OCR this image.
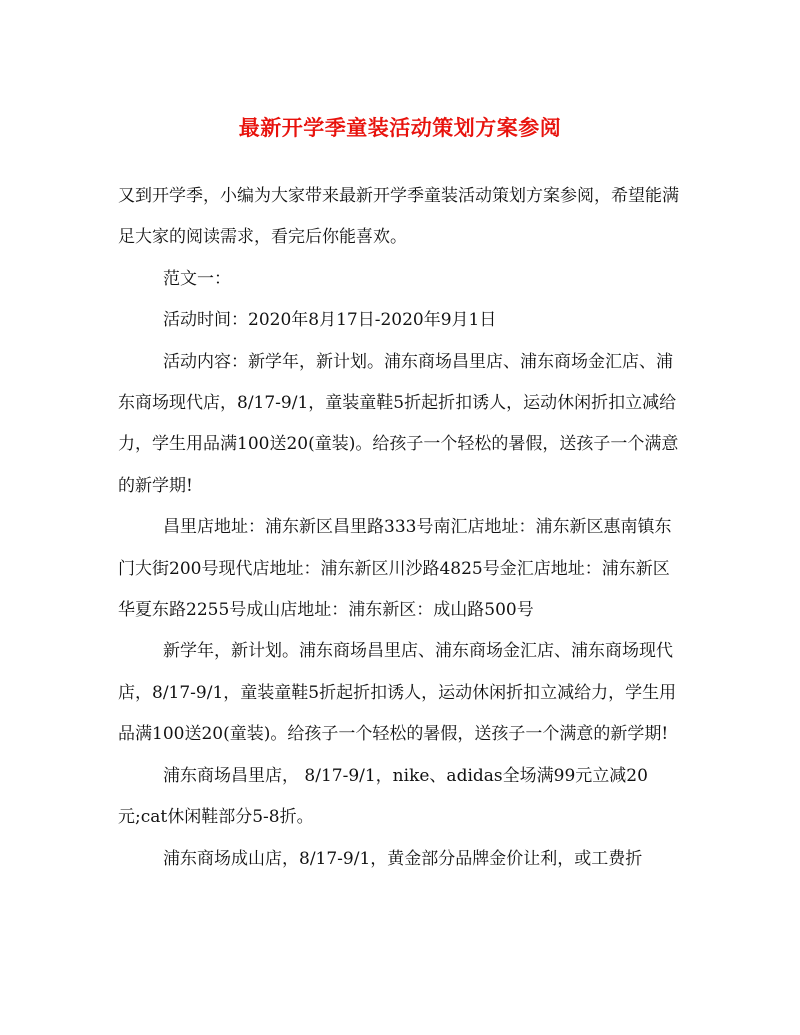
最新开学季童装活动策划方案参阅

又到开学季，小编为大家带来最新开学季童装活动策划方案参阅，希望能满足大家的阅读需求，看完后你能喜欢。

范文一：

活动时间：2020年8月17日-2020年9月1日

活动内容：新学年，新计划。浦东商场昌里店、浦东商场金汇店、浦东商场现代店，8/17-9/1，童装童鞋5折起折扣诱人，运动休闲折扣立减给力，学生用品满100送20(童装)。给孩子一个轻松的暑假，送孩子一个满意的新学期!

昌里店地址：浦东新区昌里路333号南汇店地址：浦东新区惠南镇东门大街200号现代店地址：浦东新区川沙路4825号金汇店地址：浦东新区华夏东路2255号成山店地址：浦东新区：成山路500号

新学年，新计划。浦东商场昌里店、浦东商场金汇店、浦东商场现代店，8/17-9/1，童装童鞋5折起折扣诱人，运动休闲折扣立减给力，学生用品满100送20(童装)。给孩子一个轻松的暑假，送孩子一个满意的新学期!

浦东商场昌里店， 8/17-9/1，nike、adidas全场满99元立减20元;cat休闲鞋部分5-8折。

浦东商场成山店，8/17-9/1，黄金部分品牌金价让利，或工费折
